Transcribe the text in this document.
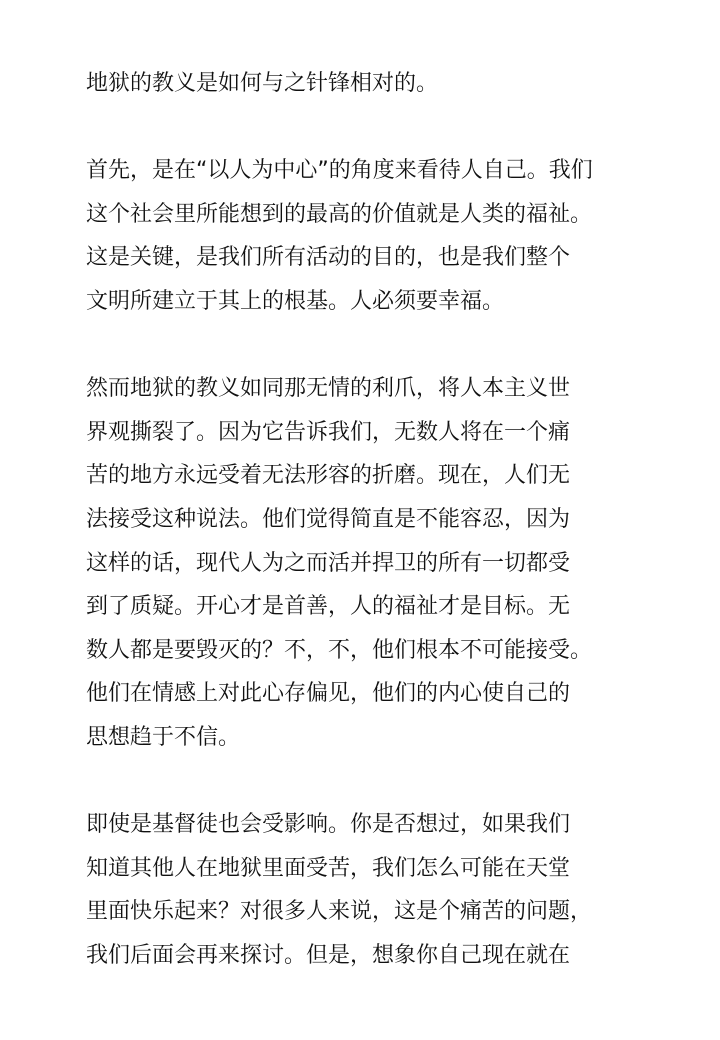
地狱的教义是如何与之针锋相对的。
首先，是在“以人为中心”的角度来看待人自己。我们
这个社会里所能想到的最高的价值就是人类的福祉。
这是关键，是我们所有活动的目的，也是我们整个
文明所建立于其上的根基。人必须要幸福。
然而地狱的教义如同那无情的利爪，将人本主义世
界观撕裂了。因为它告诉我们，无数人将在一个痛
苦的地方永远受着无法形容的折磨。现在，人们无
法接受这种说法。他们觉得简直是不能容忍，因为
这样的话，现代人为之而活并捍卫的所有一切都受
到了质疑。开心才是首善，人的福祉才是目标。无
数人都是要毁灭的？不，不，他们根本不可能接受。
他们在情感上对此心存偏见，他们的内心使自己的
思想趋于不信。
即使是基督徒也会受影响。你是否想过，如果我们
知道其他人在地狱里面受苦，我们怎么可能在天堂
里面快乐起来？对很多人来说，这是个痛苦的问题，
我们后面会再来探讨。但是，想象你自己现在就在
